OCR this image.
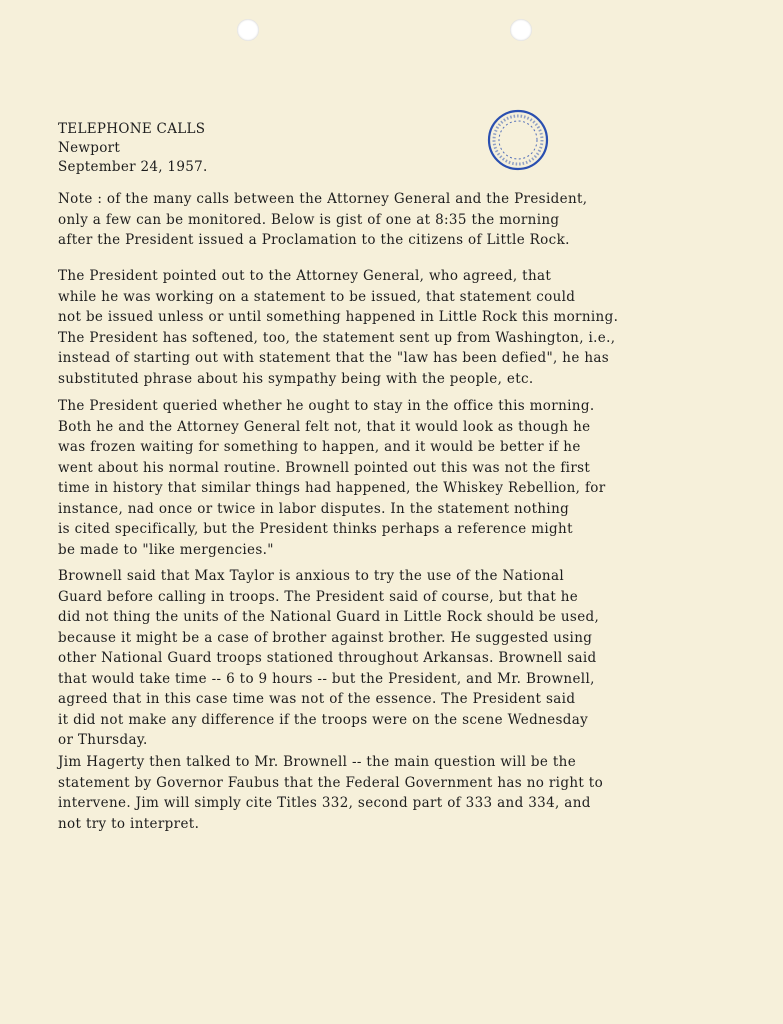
TELEPHONE CALLS
Newport
September 24, 1957.
Note : of the many calls between the Attorney General and the President,
only a few can be monitored. Below is gist of one at 8:35 the morning
after the President issued a Proclamation to the citizens of Little Rock.
The President pointed out to the Attorney General, who agreed, that
while he was working on a statement to be issued, that statement could
not be issued unless or until something happened in Little Rock this morning.
The President has softened, too, the statement sent up from Washington, i.e.,
instead of starting out with statement that the "law has been defied", he has
substituted phrase about his sympathy being with the people, etc.
The President queried whether he ought to stay in the office this morning.
Both he and the Attorney General felt not, that it would look as though he
was frozen waiting for something to happen, and it would be better if he
went about his normal routine. Brownell pointed out this was not the first
time in history that similar things had happened, the Whiskey Rebellion, for
instance, nad once or twice in labor disputes. In the statement nothing
is cited specifically, but the President thinks perhaps a reference might
be made to "like mergencies."
Brownell said that Max Taylor is anxious to try the use of the National
Guard before calling in troops. The President said of course, but that he
did not thing the units of the National Guard in Little Rock should be used,
because it might be a case of brother against brother. He suggested using
other National Guard troops stationed throughout Arkansas. Brownell said
that would take time -- 6 to 9 hours -- but the President, and Mr. Brownell,
agreed that in this case time was not of the essence. The President said
it did not make any difference if the troops were on the scene Wednesday
or Thursday.
Jim Hagerty then talked to Mr. Brownell -- the main question will be the
statement by Governor Faubus that the Federal Government has no right to
intervene. Jim will simply cite Titles 332, second part of 333 and 334, and
not try to interpret.
